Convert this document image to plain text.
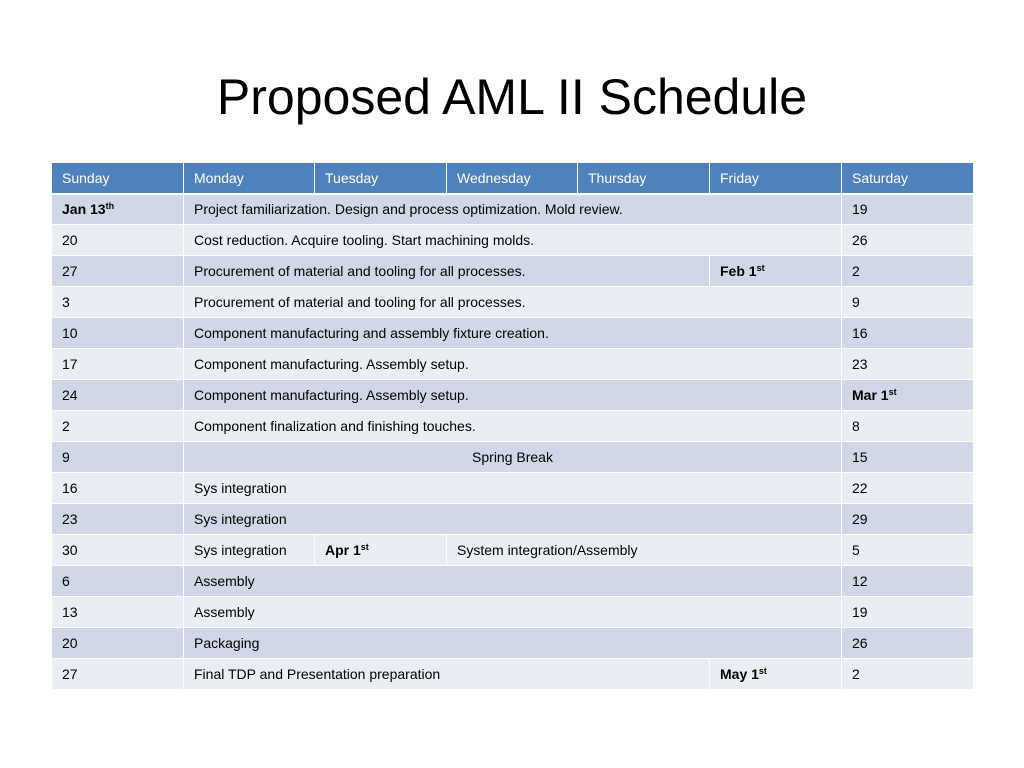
Proposed AML II Schedule
Sunday	Monday	Tuesday	Wednesday	Thursday	Friday	Saturday
Jan 13th	Project familiarization. Design and process optimization. Mold review.					19
20	Cost reduction. Acquire tooling. Start machining molds.					26
27	Procurement of material and tooling for all processes.				Feb 1st	2
3	Procurement of material and tooling for all processes.					9
10	Component manufacturing and assembly fixture creation.					16
17	Component manufacturing. Assembly setup.					23
24	Component manufacturing. Assembly setup.					Mar 1st
2	Component finalization and finishing touches.					8
9	Spring Break					15
16	Sys integration					22
23	Sys integration					29
30	Sys integration	Apr 1st	System integration/Assembly			5
6	Assembly					12
13	Assembly					19
20	Packaging					26
27	Final TDP and Presentation preparation				May 1st	2
